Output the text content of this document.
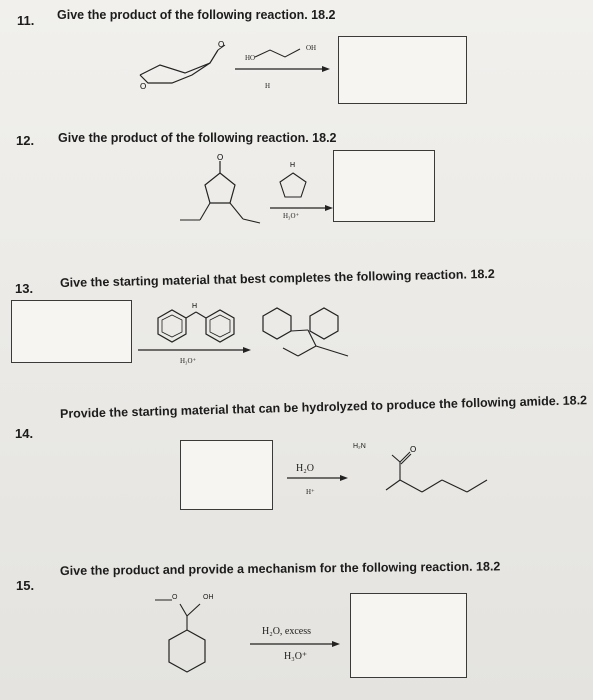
11. Give the product of the following reaction. 18.2
O
O
HO
OH
H
12. Give the product of the following reaction. 18.2
O
H
H₃O⁺
13. Give the starting material that best completes the following reaction. 18.2
H
H₃O⁺
14.
Provide the starting material that can be hydrolyzed to produce the following amide. 18.2
H₂O
H⁺
O
H₂N
15.
Give the product and provide a mechanism for the following reaction. 18.2
O	OH
H₂O, excess
H₃O⁺
